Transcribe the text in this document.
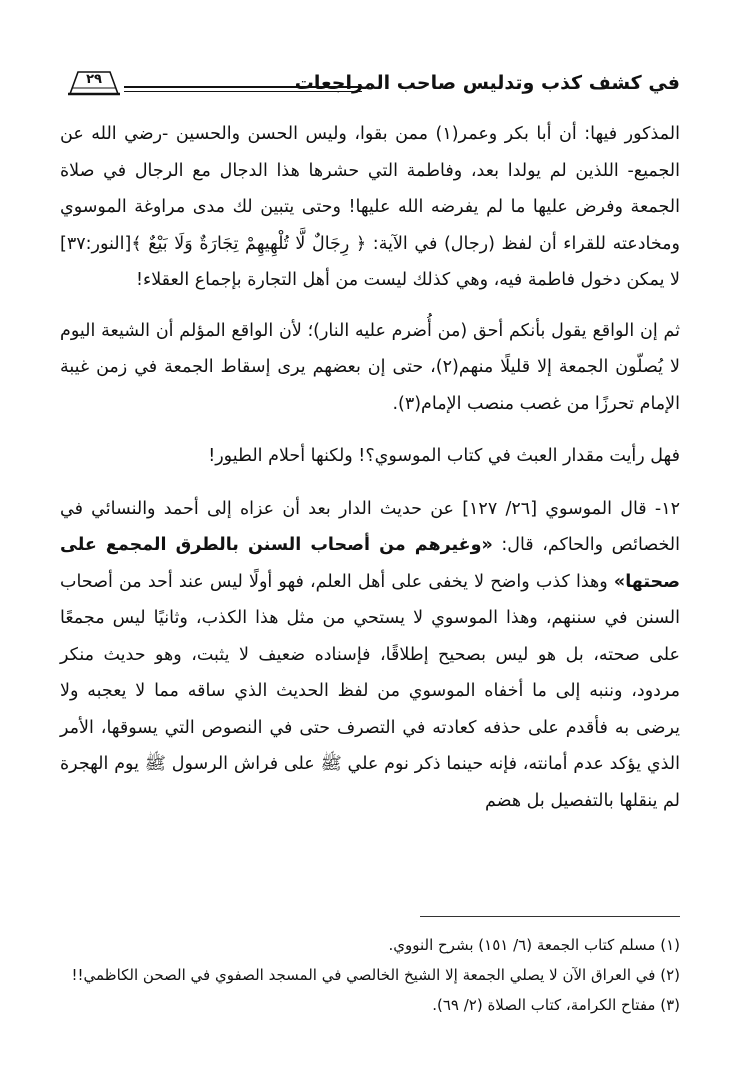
في كشف كذب وتدليس صاحب المراجعات
٢٩

المذكور فيها: أن أبا بكر وعمر(١) ممن بقوا، وليس الحسن والحسين -رضي الله عن الجميع- اللذين لم يولدا بعد، وفاطمة التي حشرها هذا الدجال مع الرجال في صلاة الجمعة وفرض عليها ما لم يفرضه الله عليها! وحتى يتبين لك مدى مراوغة الموسوي ومخادعته للقراء أن لفظ (رجال) في الآية: ﴿ رِجَالٌ لَّا تُلْهِيهِمْ تِجَارَةٌ وَلَا بَيْعٌ ﴾[النور:٣٧] لا يمكن دخول فاطمة فيه، وهي كذلك ليست من أهل التجارة بإجماع العقلاء!

ثم إن الواقع يقول بأنكم أحق (من أُضرم عليه النار)؛ لأن الواقع المؤلم أن الشيعة اليوم لا يُصلّون الجمعة إلا قليلًا منهم(٢)، حتى إن بعضهم يرى إسقاط الجمعة في زمن غيبة الإمام تحرزًا من غصب منصب الإمام(٣).

فهل رأيت مقدار العبث في كتاب الموسوي؟! ولكنها أحلام الطيور!

١٢- قال الموسوي [٢٦/ ١٢٧] عن حديث الدار بعد أن عزاه إلى أحمد والنسائي في الخصائص والحاكم، قال: «وغيرهم من أصحاب السنن بالطرق المجمع على صحتها» وهذا كذب واضح لا يخفى على أهل العلم، فهو أولًا ليس عند أحد من أصحاب السنن في سننهم، وهذا الموسوي لا يستحي من مثل هذا الكذب، وثانيًا ليس مجمعًا على صحته، بل هو ليس بصحيح إطلاقًا، فإسناده ضعيف لا يثبت، وهو حديث منكر مردود، وننبه إلى ما أخفاه الموسوي من لفظ الحديث الذي ساقه مما لا يعجبه ولا يرضى به فأقدم على حذفه كعادته في التصرف حتى في النصوص التي يسوقها، الأمر الذي يؤكد عدم أمانته، فإنه حينما ذكر نوم علي ﷺ على فراش الرسول ﷺ يوم الهجرة لم ينقلها بالتفصيل بل هضم

(١) مسلم كتاب الجمعة (٦/ ١٥١) بشرح النووي.

(٢) في العراق الآن لا يصلي الجمعة إلا الشيخ الخالصي في المسجد الصفوي في الصحن الكاظمي!!

(٣) مفتاح الكرامة، كتاب الصلاة (٢/ ٦٩).
